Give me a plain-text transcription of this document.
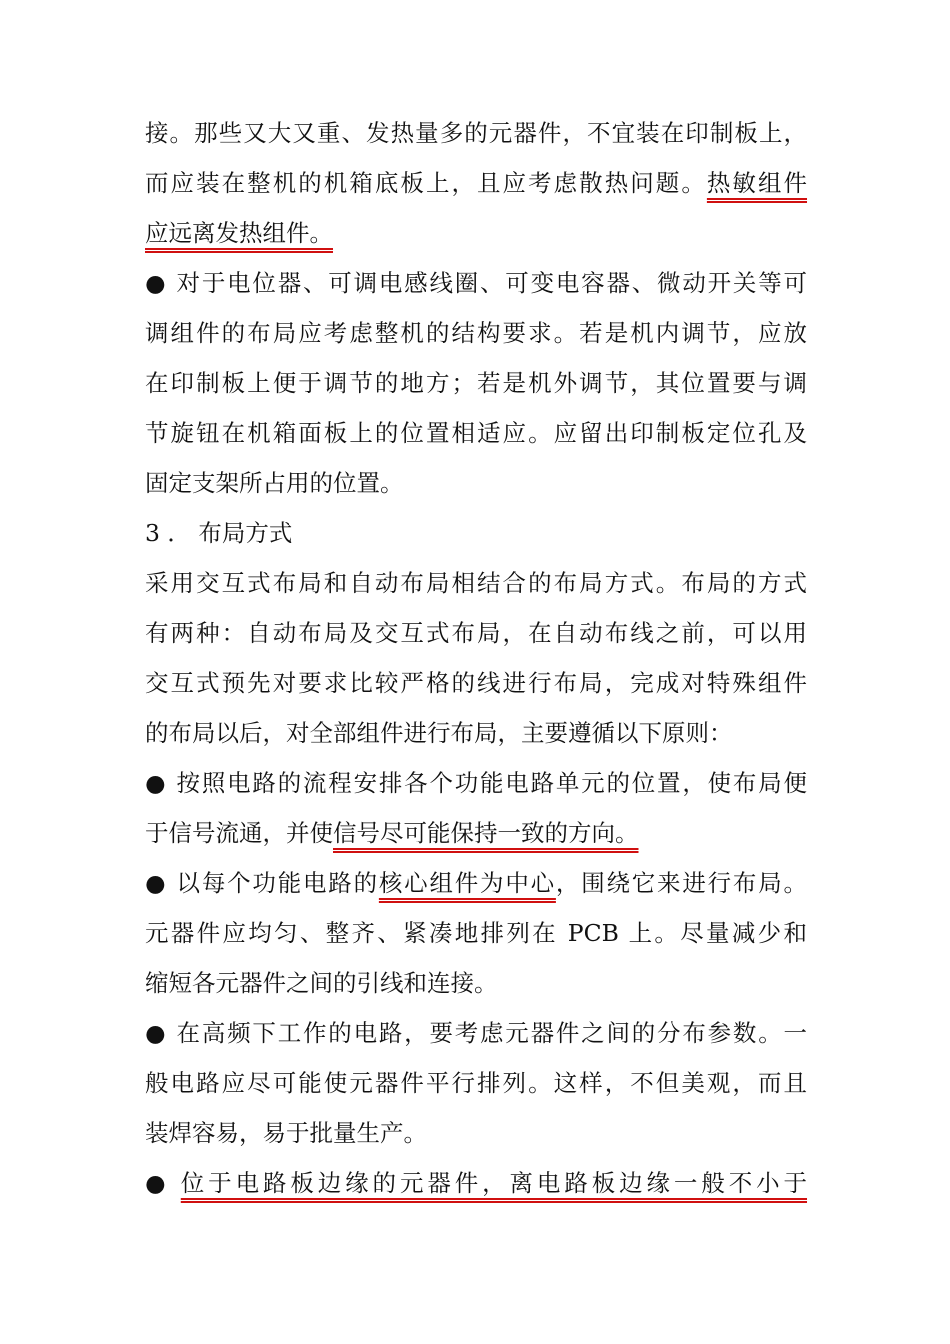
接。那些又大又重、发热量多的元器件，不宜装在印制板上，
而应装在整机的机箱底板上，且应考虑散热问题。热敏组件
应远离发热组件。
● 对于电位器、可调电感线圈、可变电容器、微动开关等可
调组件的布局应考虑整机的结构要求。若是机内调节，应放
在印制板上便于调节的地方；若是机外调节，其位置要与调
节旋钮在机箱面板上的位置相适应。应留出印制板定位孔及
固定支架所占用的位置。
3 ． 布局方式
采用交互式布局和自动布局相结合的布局方式。布局的方式
有两种：自动布局及交互式布局，在自动布线之前，可以用
交互式预先对要求比较严格的线进行布局，完成对特殊组件
的布局以后，对全部组件进行布局，主要遵循以下原则：
● 按照电路的流程安排各个功能电路单元的位置，使布局便
于信号流通，并使信号尽可能保持一致的方向。
● 以每个功能电路的核心组件为中心，围绕它来进行布局。
元器件应均匀、整齐、紧凑地排列在 PCB 上。尽量减少和
缩短各元器件之间的引线和连接。
● 在高频下工作的电路，要考虑元器件之间的分布参数。一
般电路应尽可能使元器件平行排列。这样，不但美观，而且
装焊容易，易于批量生产。
● 位于电路板边缘的元器件，离电路板边缘一般不小于
